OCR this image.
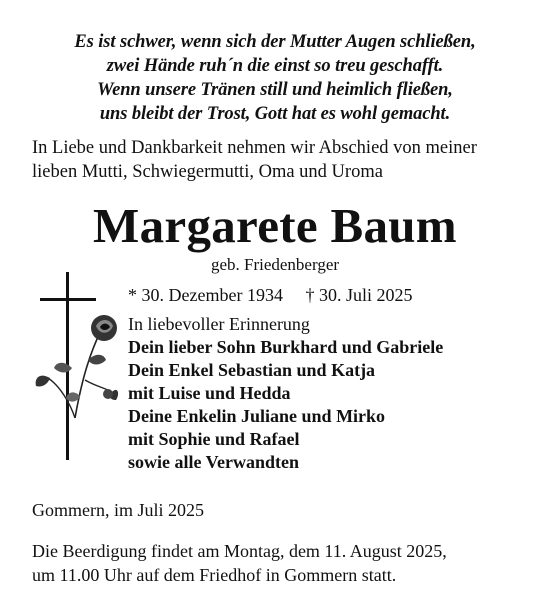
Es ist schwer, wenn sich der Mutter Augen schließen,
zwei Hände ruh´n die einst so treu geschafft.
Wenn unsere Tränen still und heimlich fließen,
uns bleibt der Trost, Gott hat es wohl gemacht.
In Liebe und Dankbarkeit nehmen wir Abschied von meiner
lieben Mutti, Schwiegermutti, Oma und Uroma
Margarete Baum
geb. Friedenberger
* 30. Dezember 1934 † 30. Juli 2025
In liebevoller Erinnerung
Dein lieber Sohn Burkhard und Gabriele
Dein Enkel Sebastian und Katja
mit Luise und Hedda
Deine Enkelin Juliane und Mirko
mit Sophie und Rafael
sowie alle Verwandten
Gommern, im Juli 2025
Die Beerdigung findet am Montag, dem 11. August 2025,
um 11.00 Uhr auf dem Friedhof in Gommern statt.
